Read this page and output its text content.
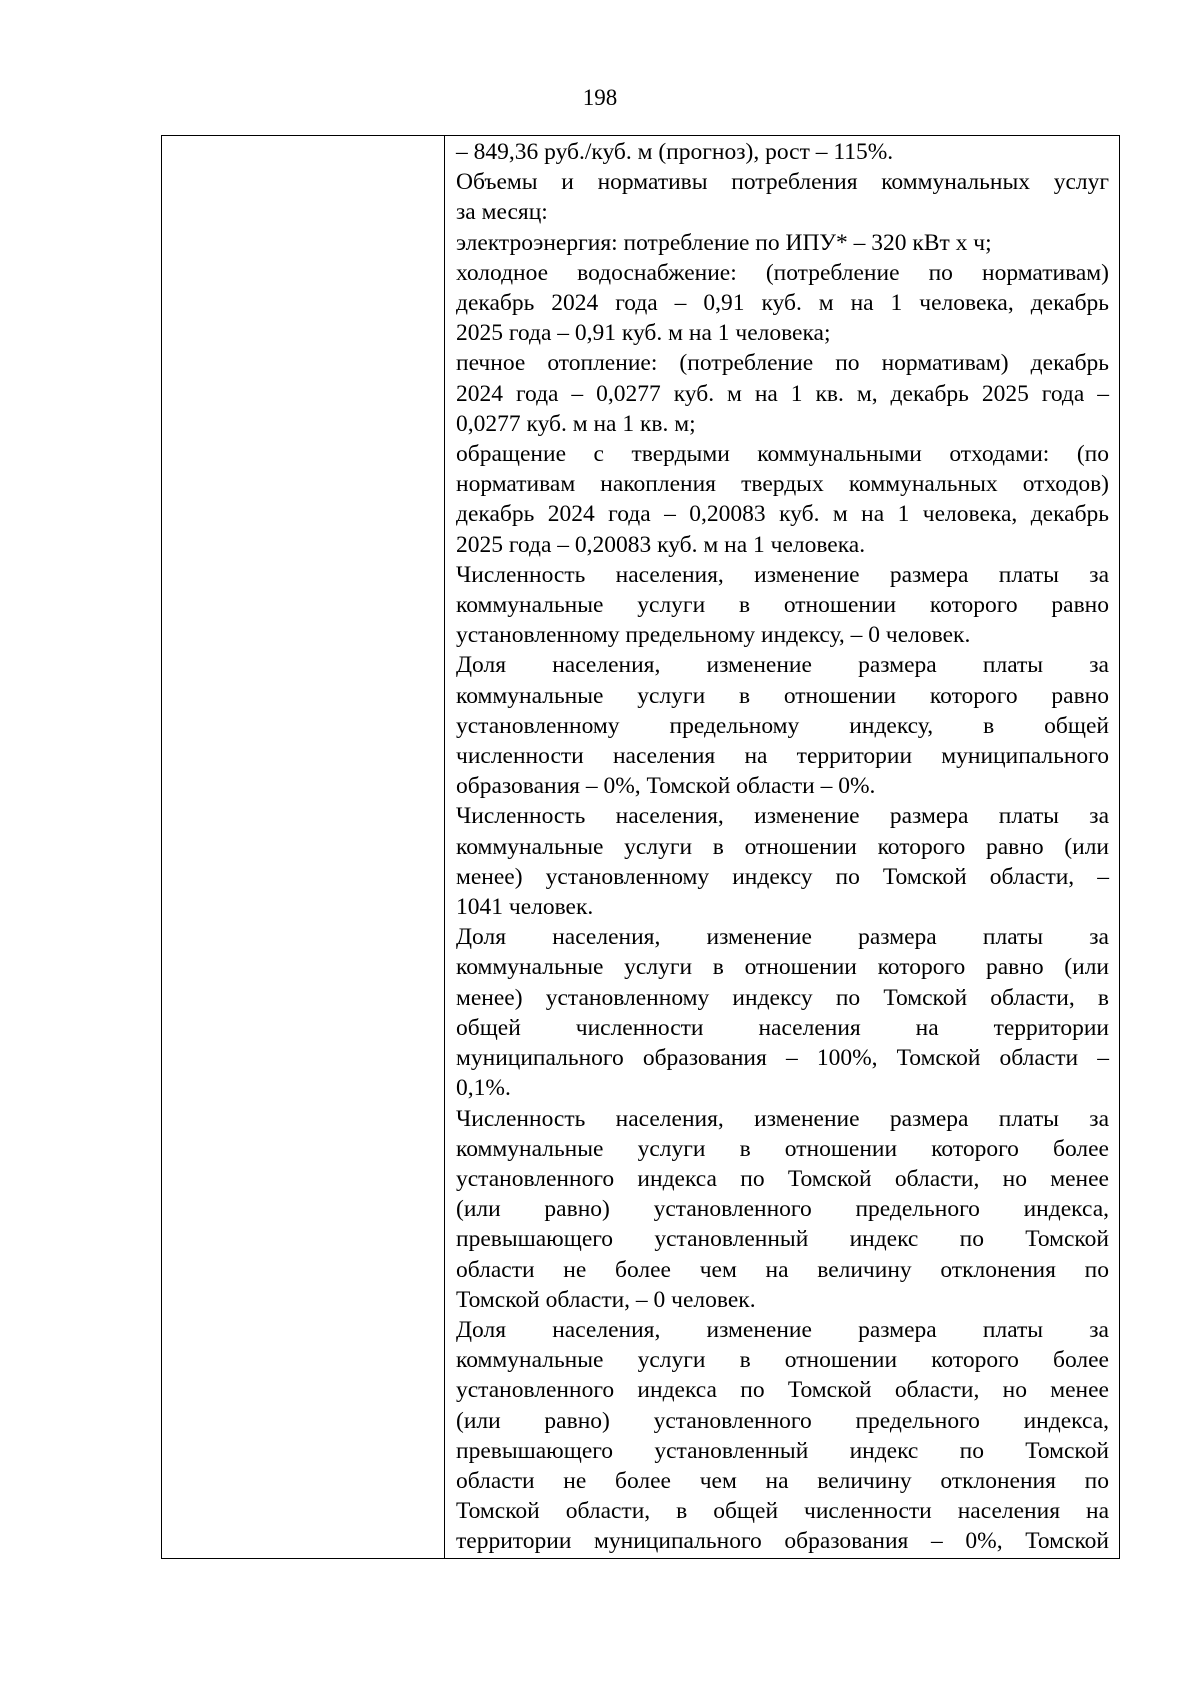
198
– 849,36 руб./куб. м (прогноз), рост – 115%.
Объемы и нормативы потребления коммунальных услуг
за месяц:
электроэнергия: потребление по ИПУ* – 320 кВт х ч;
холодное водоснабжение: (потребление по нормативам)
декабрь 2024 года – 0,91 куб. м на 1 человека, декабрь
2025 года – 0,91 куб. м на 1 человека;
печное отопление: (потребление по нормативам) декабрь
2024 года – 0,0277 куб. м на 1 кв. м, декабрь 2025 года –
0,0277 куб. м на 1 кв. м;
обращение с твердыми коммунальными отходами: (по
нормативам накопления твердых коммунальных отходов)
декабрь 2024 года – 0,20083 куб. м на 1 человека, декабрь
2025 года – 0,20083 куб. м на 1 человека.
Численность населения, изменение размера платы за
коммунальные услуги в отношении которого равно
установленному предельному индексу, – 0 человек.
Доля населения, изменение размера платы за
коммунальные услуги в отношении которого равно
установленному предельному индексу, в общей
численности населения на территории муниципального
образования – 0%, Томской области – 0%.
Численность населения, изменение размера платы за
коммунальные услуги в отношении которого равно (или
менее) установленному индексу по Томской области, –
1041 человек.
Доля населения, изменение размера платы за
коммунальные услуги в отношении которого равно (или
менее) установленному индексу по Томской области, в
общей численности населения на территории
муниципального образования – 100%, Томской области –
0,1%.
Численность населения, изменение размера платы за
коммунальные услуги в отношении которого более
установленного индекса по Томской области, но менее
(или равно) установленного предельного индекса,
превышающего установленный индекс по Томской
области не более чем на величину отклонения по
Томской области, – 0 человек.
Доля населения, изменение размера платы за
коммунальные услуги в отношении которого более
установленного индекса по Томской области, но менее
(или равно) установленного предельного индекса,
превышающего установленный индекс по Томской
области не более чем на величину отклонения по
Томской области, в общей численности населения на
территории муниципального образования – 0%, Томской
